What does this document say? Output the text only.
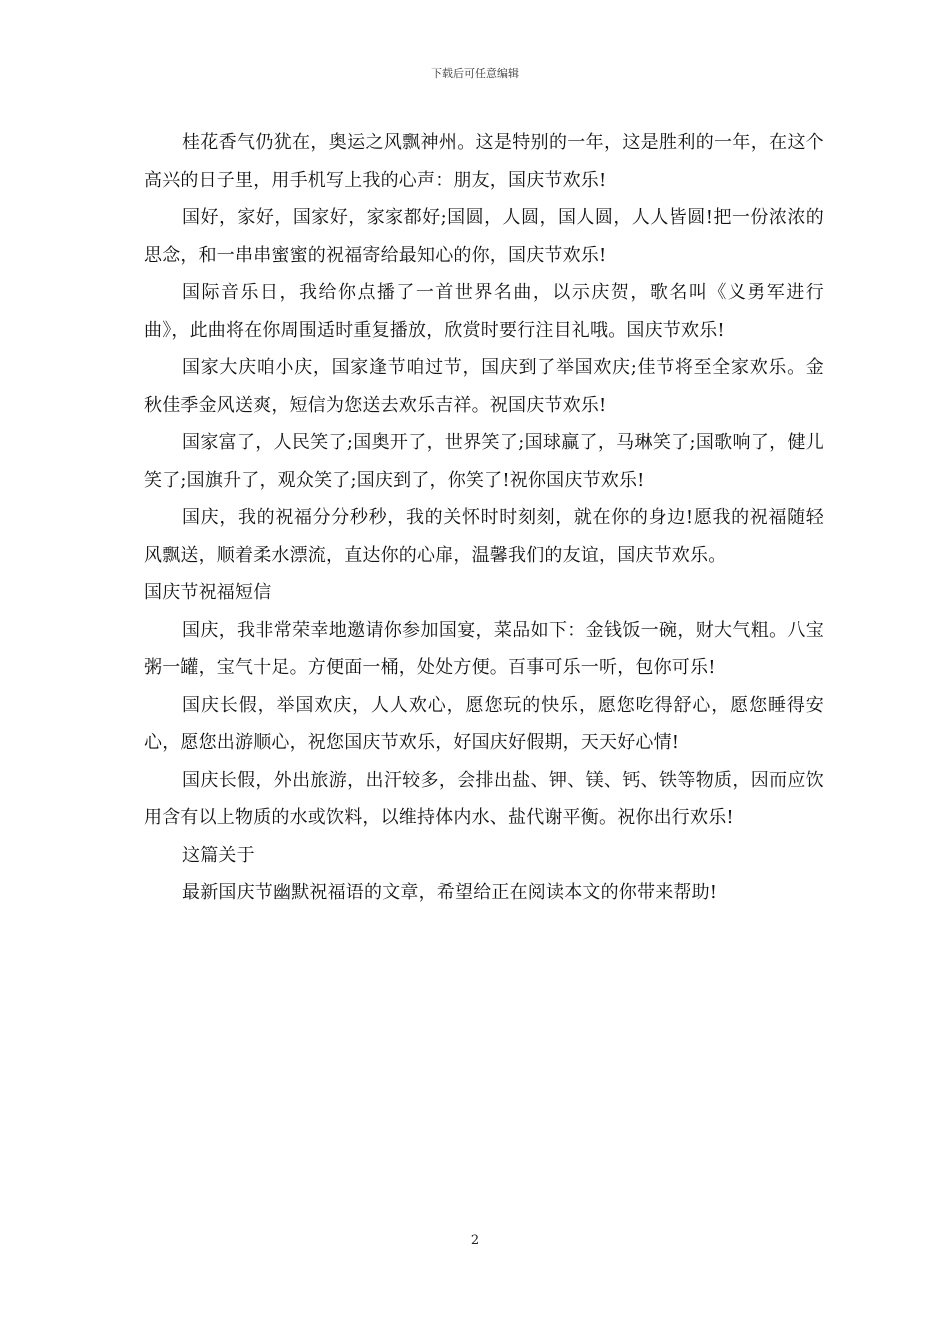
下载后可任意编辑

桂花香气仍犹在，奥运之风飘神州。这是特别的一年，这是胜利的一年，在这个高兴的日子里，用手机写上我的心声：朋友，国庆节欢乐!

国好，家好，国家好，家家都好;国圆，人圆，国人圆，人人皆圆!把一份浓浓的思念，和一串串蜜蜜的祝福寄给最知心的你，国庆节欢乐!

国际音乐日，我给你点播了一首世界名曲，以示庆贺，歌名叫《义勇军进行曲》，此曲将在你周围适时重复播放，欣赏时要行注目礼哦。国庆节欢乐!

国家大庆咱小庆，国家逢节咱过节，国庆到了举国欢庆;佳节将至全家欢乐。金秋佳季金风送爽，短信为您送去欢乐吉祥。祝国庆节欢乐!

国家富了，人民笑了;国奥开了，世界笑了;国球赢了，马琳笑了;国歌响了，健儿笑了;国旗升了，观众笑了;国庆到了，你笑了!祝你国庆节欢乐!

国庆，我的祝福分分秒秒，我的关怀时时刻刻，就在你的身边!愿我的祝福随轻风飘送，顺着柔水漂流，直达你的心扉，温馨我们的友谊，国庆节欢乐。

国庆节祝福短信

国庆，我非常荣幸地邀请你参加国宴，菜品如下：金钱饭一碗，财大气粗。八宝粥一罐，宝气十足。方便面一桶，处处方便。百事可乐一听，包你可乐!

国庆长假，举国欢庆，人人欢心，愿您玩的快乐，愿您吃得舒心，愿您睡得安心，愿您出游顺心，祝您国庆节欢乐，好国庆好假期，天天好心情!

国庆长假，外出旅游，出汗较多，会排出盐、钾、镁、钙、铁等物质，因而应饮用含有以上物质的水或饮料，以维持体内水、盐代谢平衡。祝你出行欢乐!

这篇关于

最新国庆节幽默祝福语的文章，希望给正在阅读本文的你带来帮助!

2
